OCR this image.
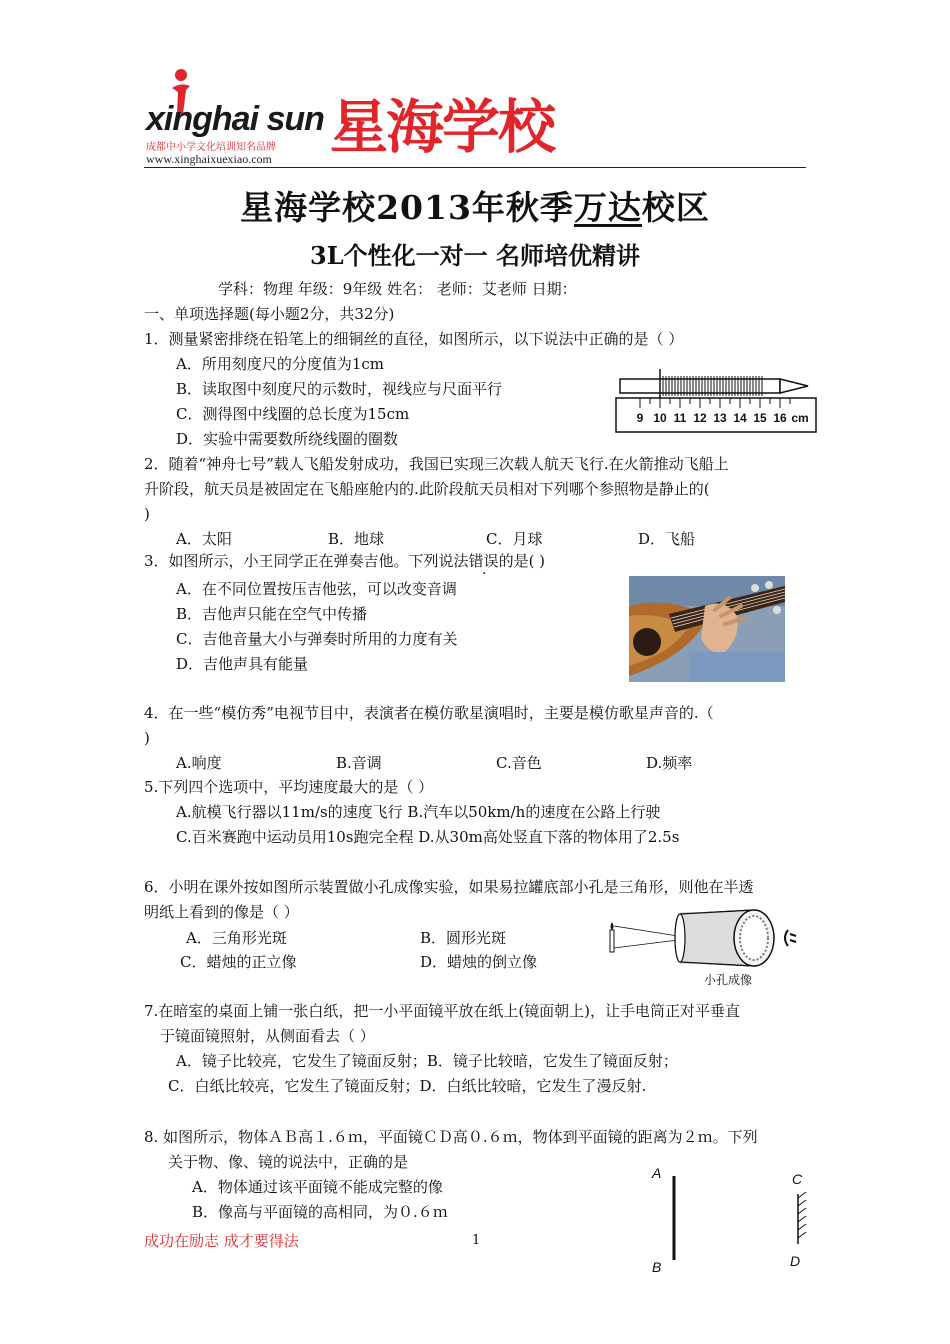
xinghai sun 星海学校
成都中小学文化培训知名品牌
www.xinghaixuexiao.com
星海学校2013年秋季万达校区
3L个性化一对一 名师培优精讲
学科：物理 年级：9年级 姓名： 老师：艾老师 日期：
一、单项选择题(每小题2分，共32分)
1．测量紧密排绕在铅笔上的细铜丝的直径，如图所示，以下说法中正确的是（ ）
A．所用刻度尺的分度值为1cm
B．读取图中刻度尺的示数时，视线应与尺面平行
C．测得图中线圈的总长度为15cm
D．实验中需要数所绕线圈的圈数
9 10 11 12 13 14 15 16 cm
2．随着“神舟七号”载人飞船发射成功，我国已实现三次载人航天飞行.在火箭推动飞船上
升阶段，航天员是被固定在飞船座舱内的.此阶段航天员相对下列哪个参照物是静止的(
)
A．太阳	B．地球	C．月球	D．飞船
3．如图所示，小王同学正在弹奏吉他。下列说法错误的是( )
A．在不同位置按压吉他弦，可以改变音调
B．吉他声只能在空气中传播
C．吉他音量大小与弹奏时所用的力度有关
D．吉他声具有能量
4．在一些“模仿秀”电视节目中，表演者在模仿歌星演唱时，主要是模仿歌星声音的.（
)
A.响度	B.音调	C.音色	D.频率
5.下列四个选项中，平均速度最大的是（ ）
A.航模飞行器以11m/s的速度飞行 B.汽车以50km/h的速度在公路上行驶
C.百米赛跑中运动员用10s跑完全程 D.从30m高处竖直下落的物体用了2.5s
6．小明在课外按如图所示装置做小孔成像实验，如果易拉罐底部小孔是三角形，则他在半透
明纸上看到的像是（ ）
A．三角形光斑	B．圆形光斑
C．蜡烛的正立像	D．蜡烛的倒立像
小孔成像
7.在暗室的桌面上铺一张白纸，把一小平面镜平放在纸上(镜面朝上)，让手电筒正对平垂直
于镜面镜照射，从侧面看去（ ）
A．镜子比较亮，它发生了镜面反射；B．镜子比较暗，它发生了镜面反射；
C．白纸比较亮，它发生了镜面反射；D．白纸比较暗，它发生了漫反射.
8. 如图所示，物体ＡＢ高１.６ｍ，平面镜ＣＤ高０.６ｍ，物体到平面镜的距离为２ｍ。下列
关于物、像、镜的说法中，正确的是
A．物体通过该平面镜不能成完整的像
B．像高与平面镜的高相同，为０.６ｍ
A
B
C
D
成功在励志 成才要得法	1
